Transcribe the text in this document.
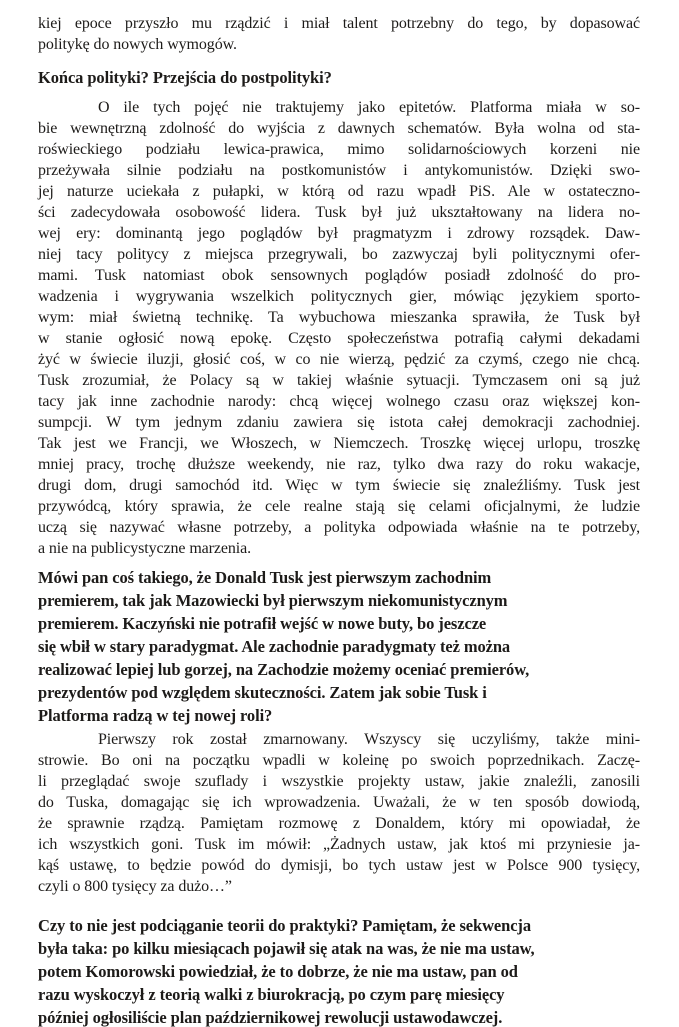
kiej epoce przyszło mu rządzić i miał talent potrzebny do tego, by dopasować
politykę do nowych wymogów.
Końca polityki? Przejścia do postpolityki?
O ile tych pojęć nie traktujemy jako epitetów. Platforma miała w so-
bie wewnętrzną zdolność do wyjścia z dawnych schematów. Była wolna od sta-
roświeckiego podziału lewica-prawica, mimo solidarnościowych korzeni nie
przeżywała silnie podziału na postkomunistów i antykomunistów. Dzięki swo-
jej naturze uciekała z pułapki, w którą od razu wpadł PiS. Ale w ostateczno-
ści zadecydowała osobowość lidera. Tusk był już ukształtowany na lidera no-
wej ery: dominantą jego poglądów był pragmatyzm i zdrowy rozsądek. Daw-
niej tacy politycy z miejsca przegrywali, bo zazwyczaj byli politycznymi ofer-
mami. Tusk natomiast obok sensownych poglądów posiadł zdolność do pro-
wadzenia i wygrywania wszelkich politycznych gier, mówiąc językiem sporto-
wym: miał świetną technikę. Ta wybuchowa mieszanka sprawiła, że Tusk był
w stanie ogłosić nową epokę. Często społeczeństwa potrafią całymi dekadami
żyć w świecie iluzji, głosić coś, w co nie wierzą, pędzić za czymś, czego nie chcą.
Tusk zrozumiał, że Polacy są w takiej właśnie sytuacji. Tymczasem oni są już
tacy jak inne zachodnie narody: chcą więcej wolnego czasu oraz większej kon-
sumpcji. W tym jednym zdaniu zawiera się istota całej demokracji zachodniej.
Tak jest we Francji, we Włoszech, w Niemczech. Troszkę więcej urlopu, troszkę
mniej pracy, trochę dłuższe weekendy, nie raz, tylko dwa razy do roku wakacje,
drugi dom, drugi samochód itd. Więc w tym świecie się znaleźliśmy. Tusk jest
przywódcą, który sprawia, że cele realne stają się celami oficjalnymi, że ludzie
uczą się nazywać własne potrzeby, a polityka odpowiada właśnie na te potrzeby,
a nie na publicystyczne marzenia.
Mówi pan coś takiego, że Donald Tusk jest pierwszym zachodnim
premierem, tak jak Mazowiecki był pierwszym niekomunistycznym
premierem. Kaczyński nie potrafił wejść w nowe buty, bo jeszcze
się wbił w stary paradygmat. Ale zachodnie paradygmaty też można
realizować lepiej lub gorzej, na Zachodzie możemy oceniać premierów,
prezydentów pod względem skuteczności. Zatem jak sobie Tusk i
Platforma radzą w tej nowej roli?
Pierwszy rok został zmarnowany. Wszyscy się uczyliśmy, także mini-
strowie. Bo oni na początku wpadli w koleinę po swoich poprzednikach. Zaczę-
li przeglądać swoje szuflady i wszystkie projekty ustaw, jakie znaleźli, zanosili
do Tuska, domagając się ich wprowadzenia. Uważali, że w ten sposób dowiodą,
że sprawnie rządzą. Pamiętam rozmowę z Donaldem, który mi opowiadał, że
ich wszystkich goni. Tusk im mówił: „Żadnych ustaw, jak ktoś mi przyniesie ja-
kąś ustawę, to będzie powód do dymisji, bo tych ustaw jest w Polsce 900 tysięcy,
czyli o 800 tysięcy za dużo…”
Czy to nie jest podciąganie teorii do praktyki? Pamiętam, że sekwencja
była taka: po kilku miesiącach pojawił się atak na was, że nie ma ustaw,
potem Komorowski powiedział, że to dobrze, że nie ma ustaw, pan od
razu wyskoczył z teorią walki z biurokracją, po czym parę miesięcy
później ogłosiliście plan październikowej rewolucji ustawodawczej.
